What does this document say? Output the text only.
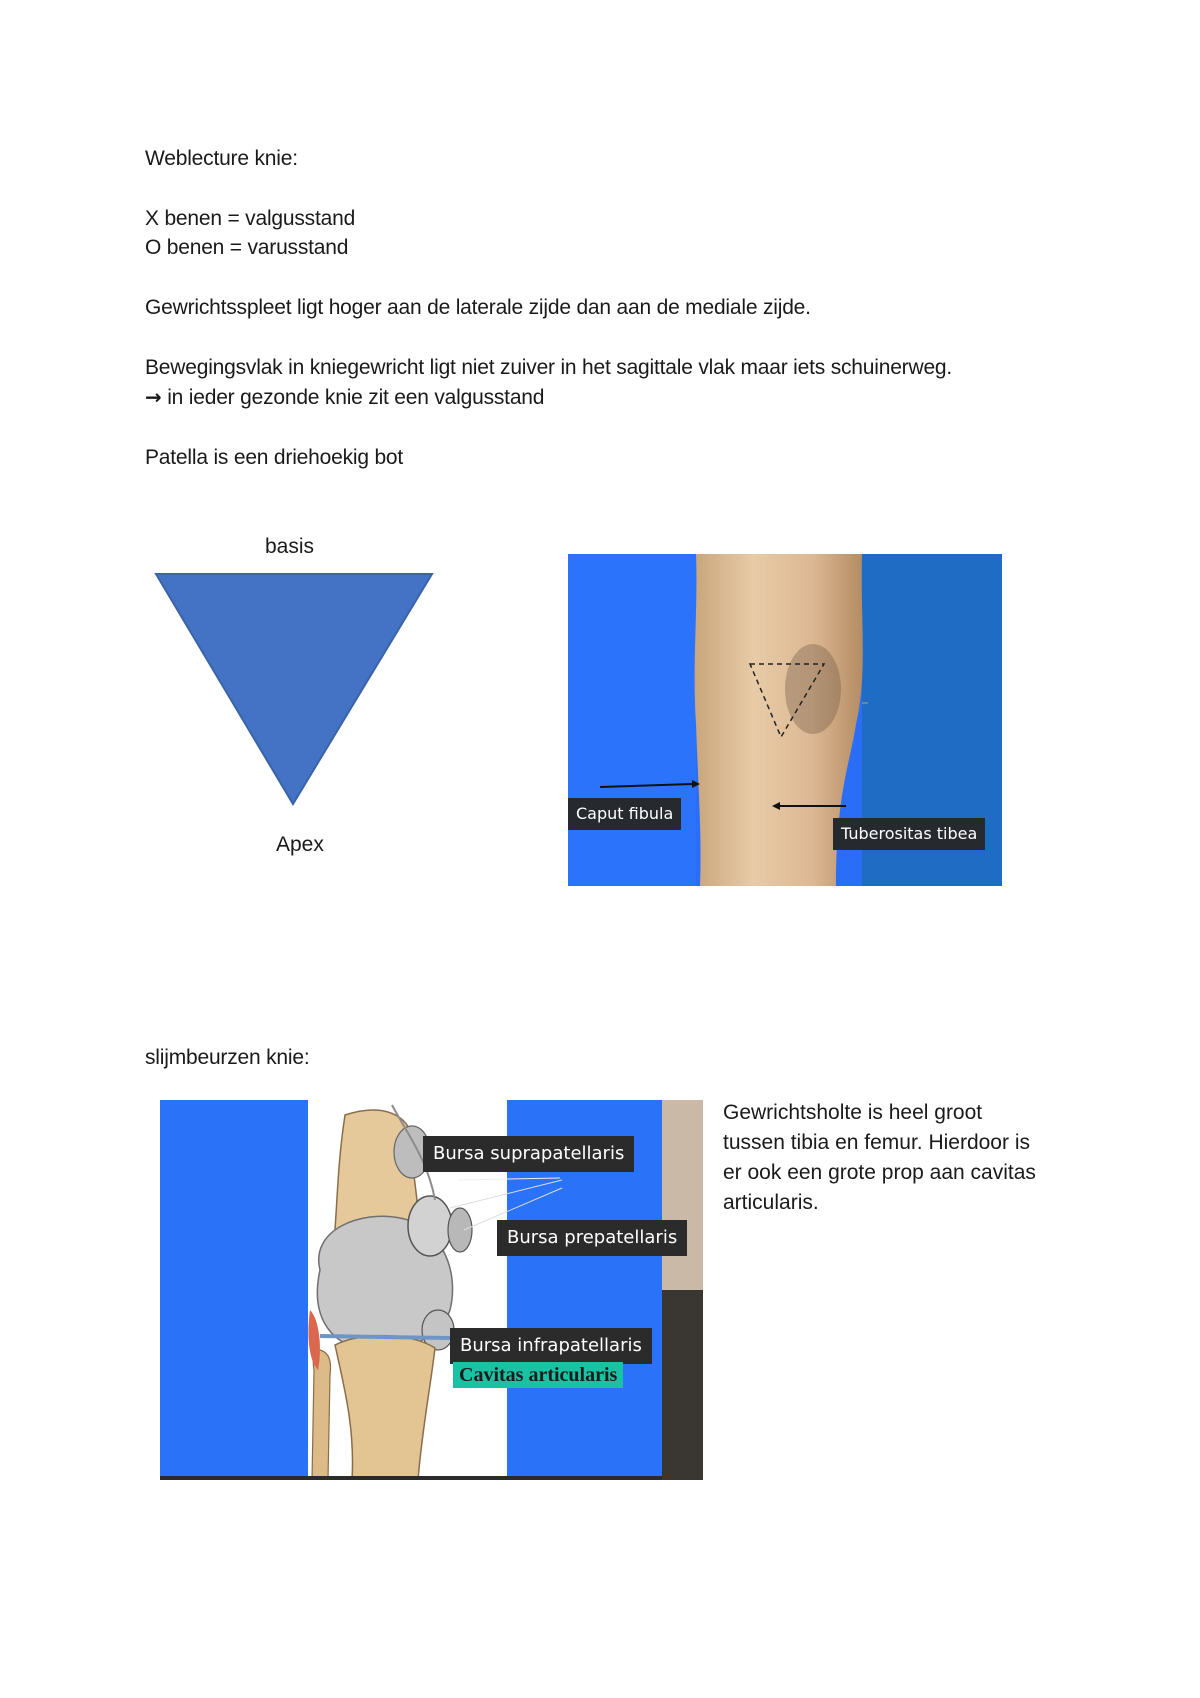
Weblecture knie:
X benen = valgusstand
O benen = varusstand
Gewrichtsspleet ligt hoger aan de laterale zijde dan aan de mediale zijde.
Bewegingsvlak in kniegewricht ligt niet zuiver in het sagittale vlak maar iets schuinerweg.
→ in ieder gezonde knie zit een valgusstand
Patella is een driehoekig bot
basis
Apex
Caput fibula
Tuberositas tibea
slijmbeurzen knie:
Bursa suprapatellaris
Bursa prepatellaris
Bursa infrapatellaris
Cavitas articularis
Gewrichtsholte is heel groot
tussen tibia en femur. Hierdoor is
er ook een grote prop aan cavitas
articularis.
